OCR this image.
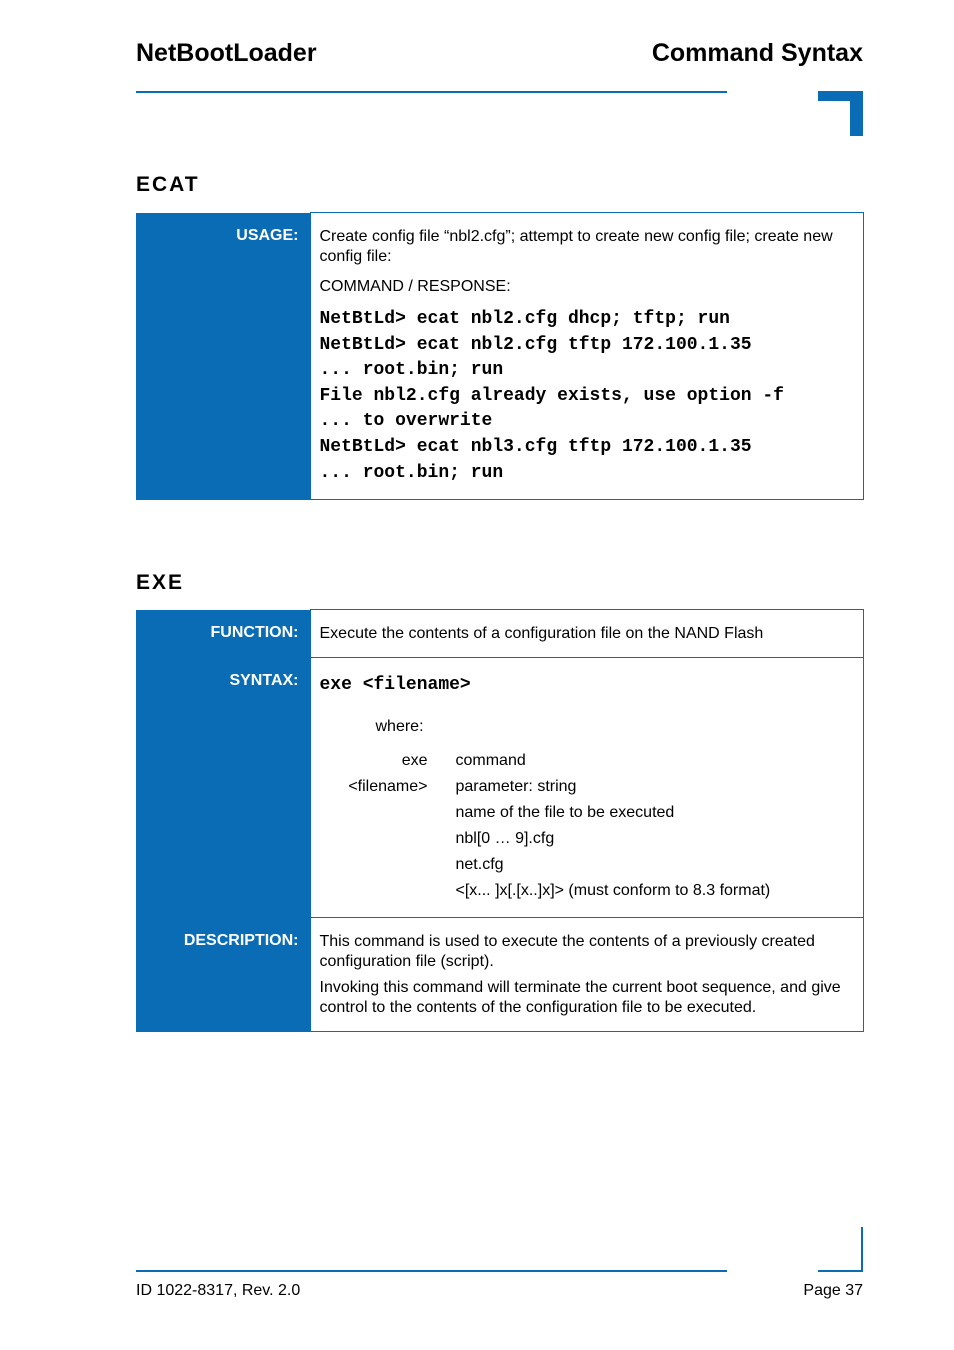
NetBootLoader	Command Syntax
ECAT
USAGE:	Create config file “nbl2.cfg”; attempt to create new config file; create new config file:

COMMAND / RESPONSE:

NetBtLd> ecat nbl2.cfg dhcp; tftp; run
NetBtLd> ecat nbl2.cfg tftp 172.100.1.35
... root.bin; run
File nbl2.cfg already exists, use option -f
... to overwrite
NetBtLd> ecat nbl3.cfg tftp 172.100.1.35
... root.bin; run
EXE
FUNCTION:	Execute the contents of a configuration file on the NAND Flash
SYNTAX:	exe <filename>
where:
exe	command
<filename>	parameter: string
	name of the file to be executed
	nbl[0 … 9].cfg
	net.cfg
	<[x... ]x[.[x..]x]> (must conform to 8.3 format)

DESCRIPTION:	This command is used to execute the contents of a previously created configuration file (script).

Invoking this command will terminate the current boot sequence, and give control to the contents of the configuration file to be executed.

ID 1022-8317, Rev. 2.0	Page 37
